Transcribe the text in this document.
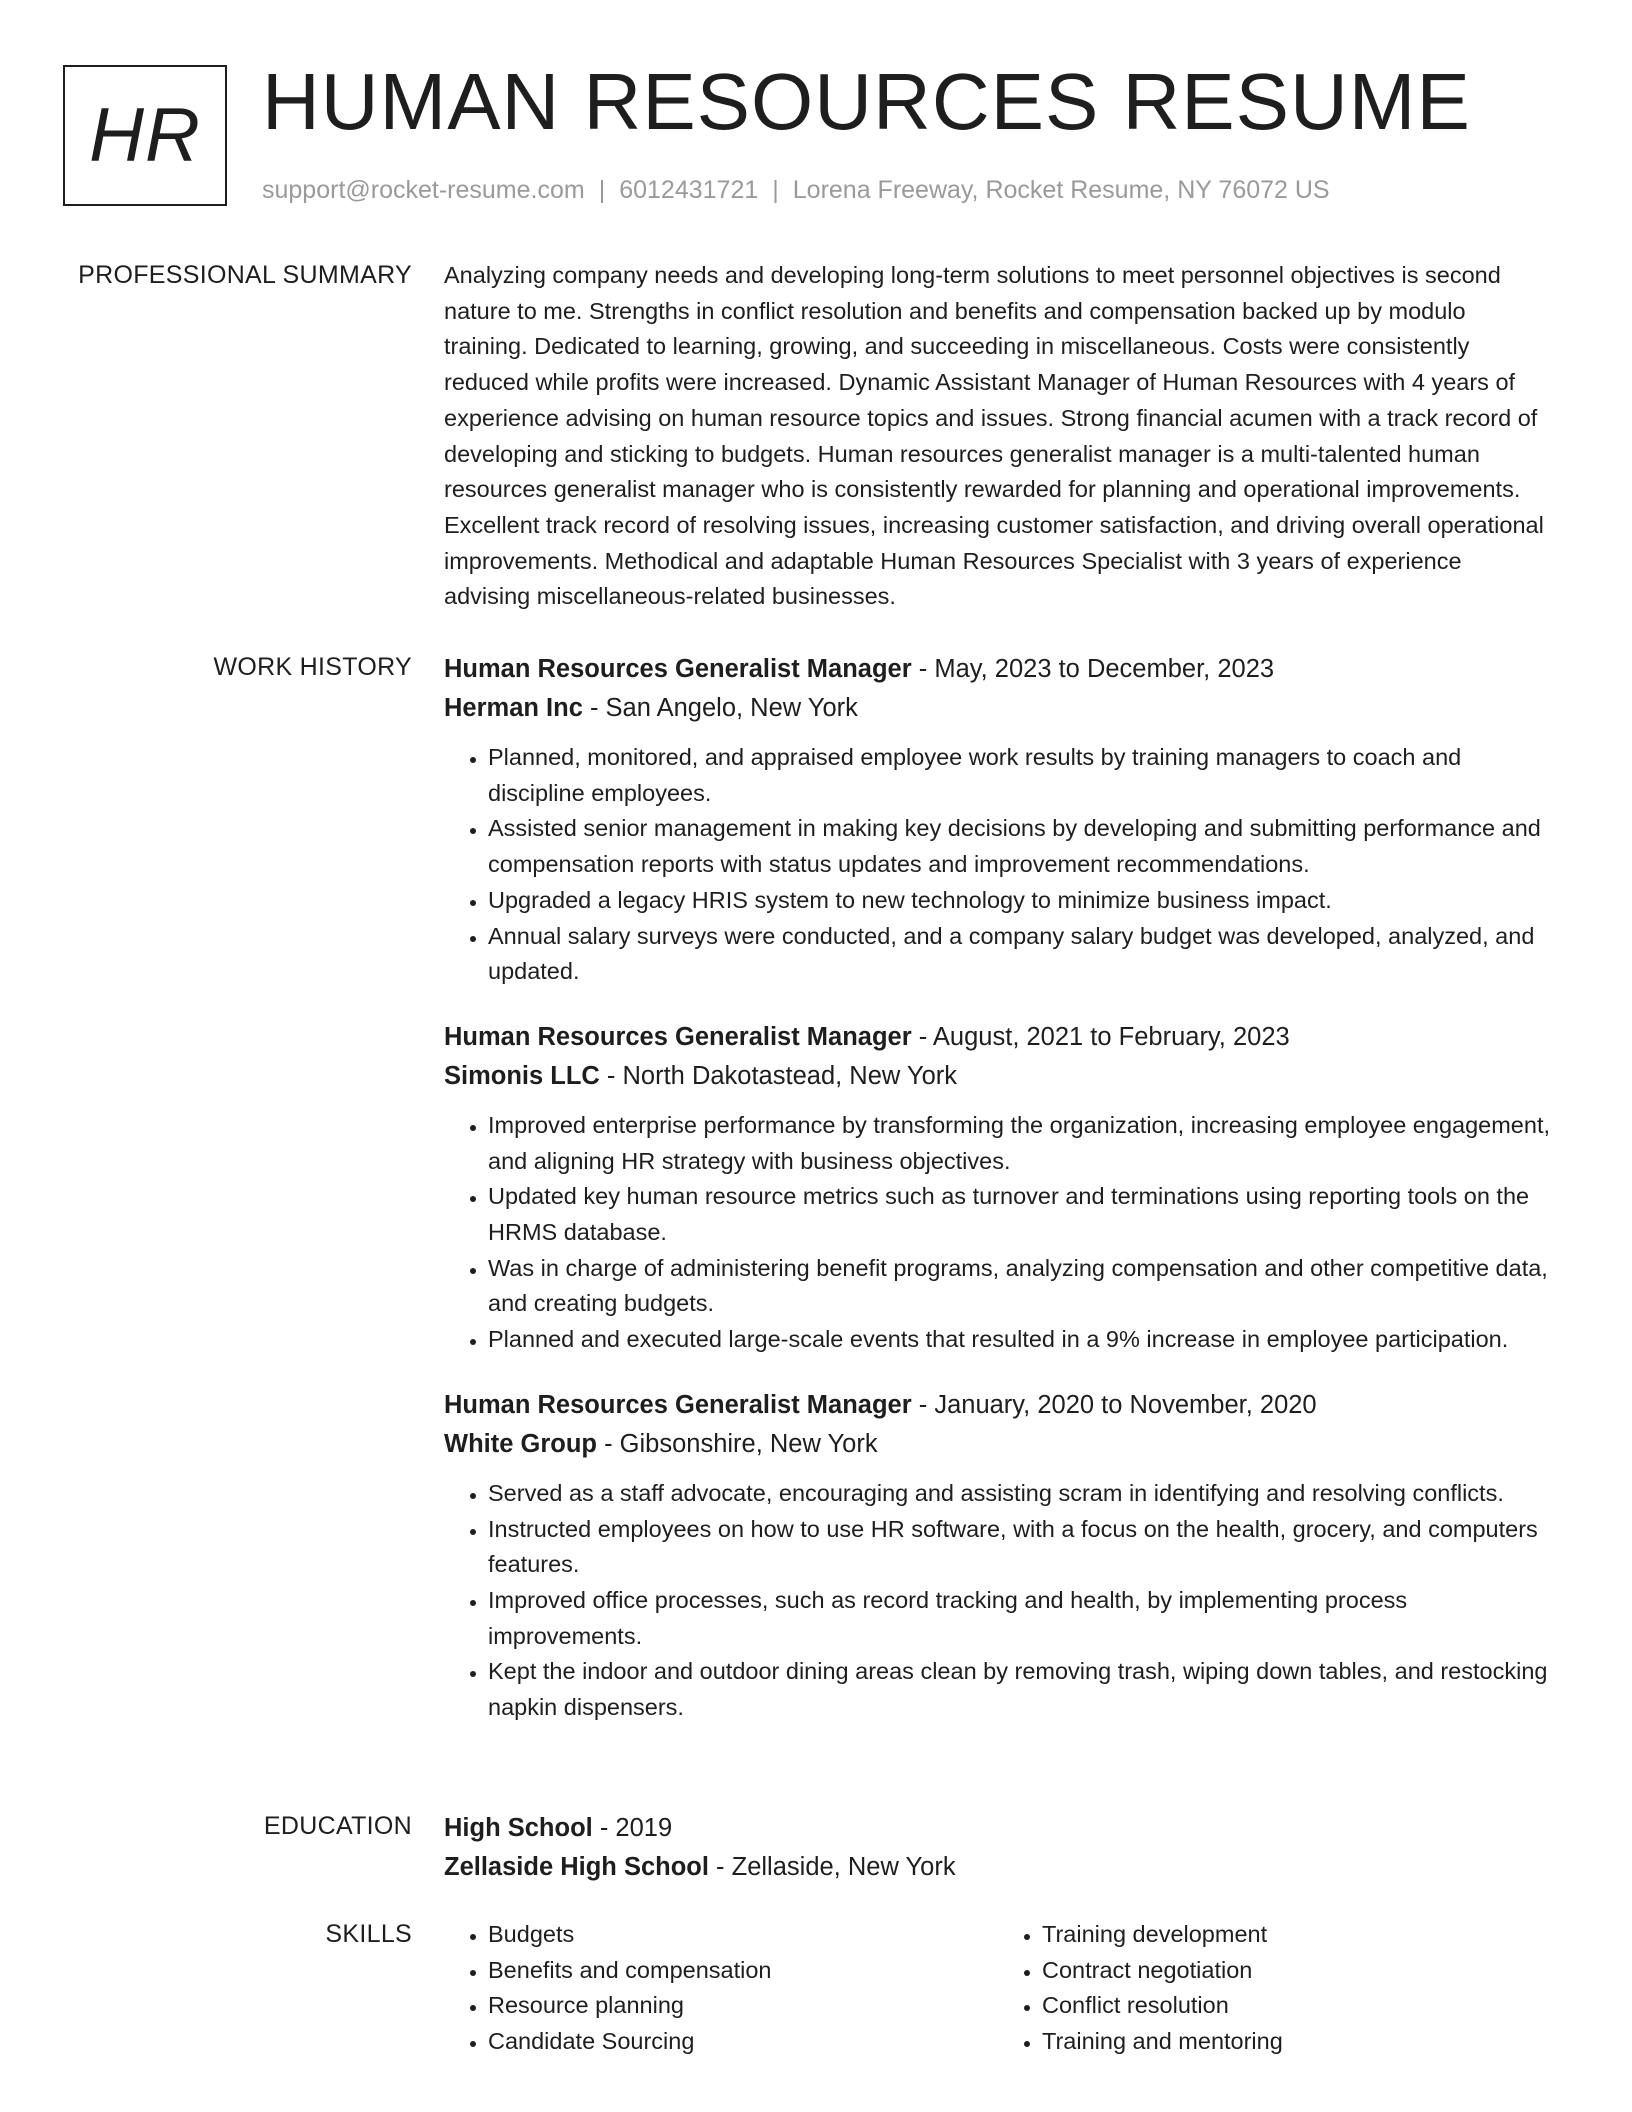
HR HUMAN RESOURCES RESUME
support@rocket-resume.com | 6012431721 | Lorena Freeway, Rocket Resume, NY 76072 US
PROFESSIONAL SUMMARY Analyzing company needs and developing long-term solutions to meet personnel objectives is second nature to me. Strengths in conflict resolution and benefits and compensation backed up by modulo training. Dedicated to learning, growing, and succeeding in miscellaneous. Costs were consistently reduced while profits were increased. Dynamic Assistant Manager of Human Resources with 4 years of experience advising on human resource topics and issues. Strong financial acumen with a track record of developing and sticking to budgets. Human resources generalist manager is a multi-talented human resources generalist manager who is consistently rewarded for planning and operational improvements. Excellent track record of resolving issues, increasing customer satisfaction, and driving overall operational improvements. Methodical and adaptable Human Resources Specialist with 3 years of experience advising miscellaneous-related businesses.

WORK HISTORY Human Resources Generalist Manager - May, 2023 to December, 2023
Herman Inc - San Angelo, New York
• Planned, monitored, and appraised employee work results by training managers to coach and discipline employees.
• Assisted senior management in making key decisions by developing and submitting performance and compensation reports with status updates and improvement recommendations.
• Upgraded a legacy HRIS system to new technology to minimize business impact.
• Annual salary surveys were conducted, and a company salary budget was developed, analyzed, and updated.
Human Resources Generalist Manager - August, 2021 to February, 2023
Simonis LLC - North Dakotastead, New York
• Improved enterprise performance by transforming the organization, increasing employee engagement, and aligning HR strategy with business objectives.
• Updated key human resource metrics such as turnover and terminations using reporting tools on the HRMS database.
• Was in charge of administering benefit programs, analyzing compensation and other competitive data, and creating budgets.
• Planned and executed large-scale events that resulted in a 9% increase in employee participation.
Human Resources Generalist Manager - January, 2020 to November, 2020
White Group - Gibsonshire, New York
• Served as a staff advocate, encouraging and assisting scram in identifying and resolving conflicts.
• Instructed employees on how to use HR software, with a focus on the health, grocery, and computers features.
• Improved office processes, such as record tracking and health, by implementing process improvements.
• Kept the indoor and outdoor dining areas clean by removing trash, wiping down tables, and restocking napkin dispensers.
EDUCATION High School - 2019
Zellaside High School - Zellaside, New York
SKILLS
•	Budgets
• Benefits and compensation
• Resource planning
• Candidate Sourcing
• Training development
• Contract negotiation
• Conflict resolution
• Training and mentoring
